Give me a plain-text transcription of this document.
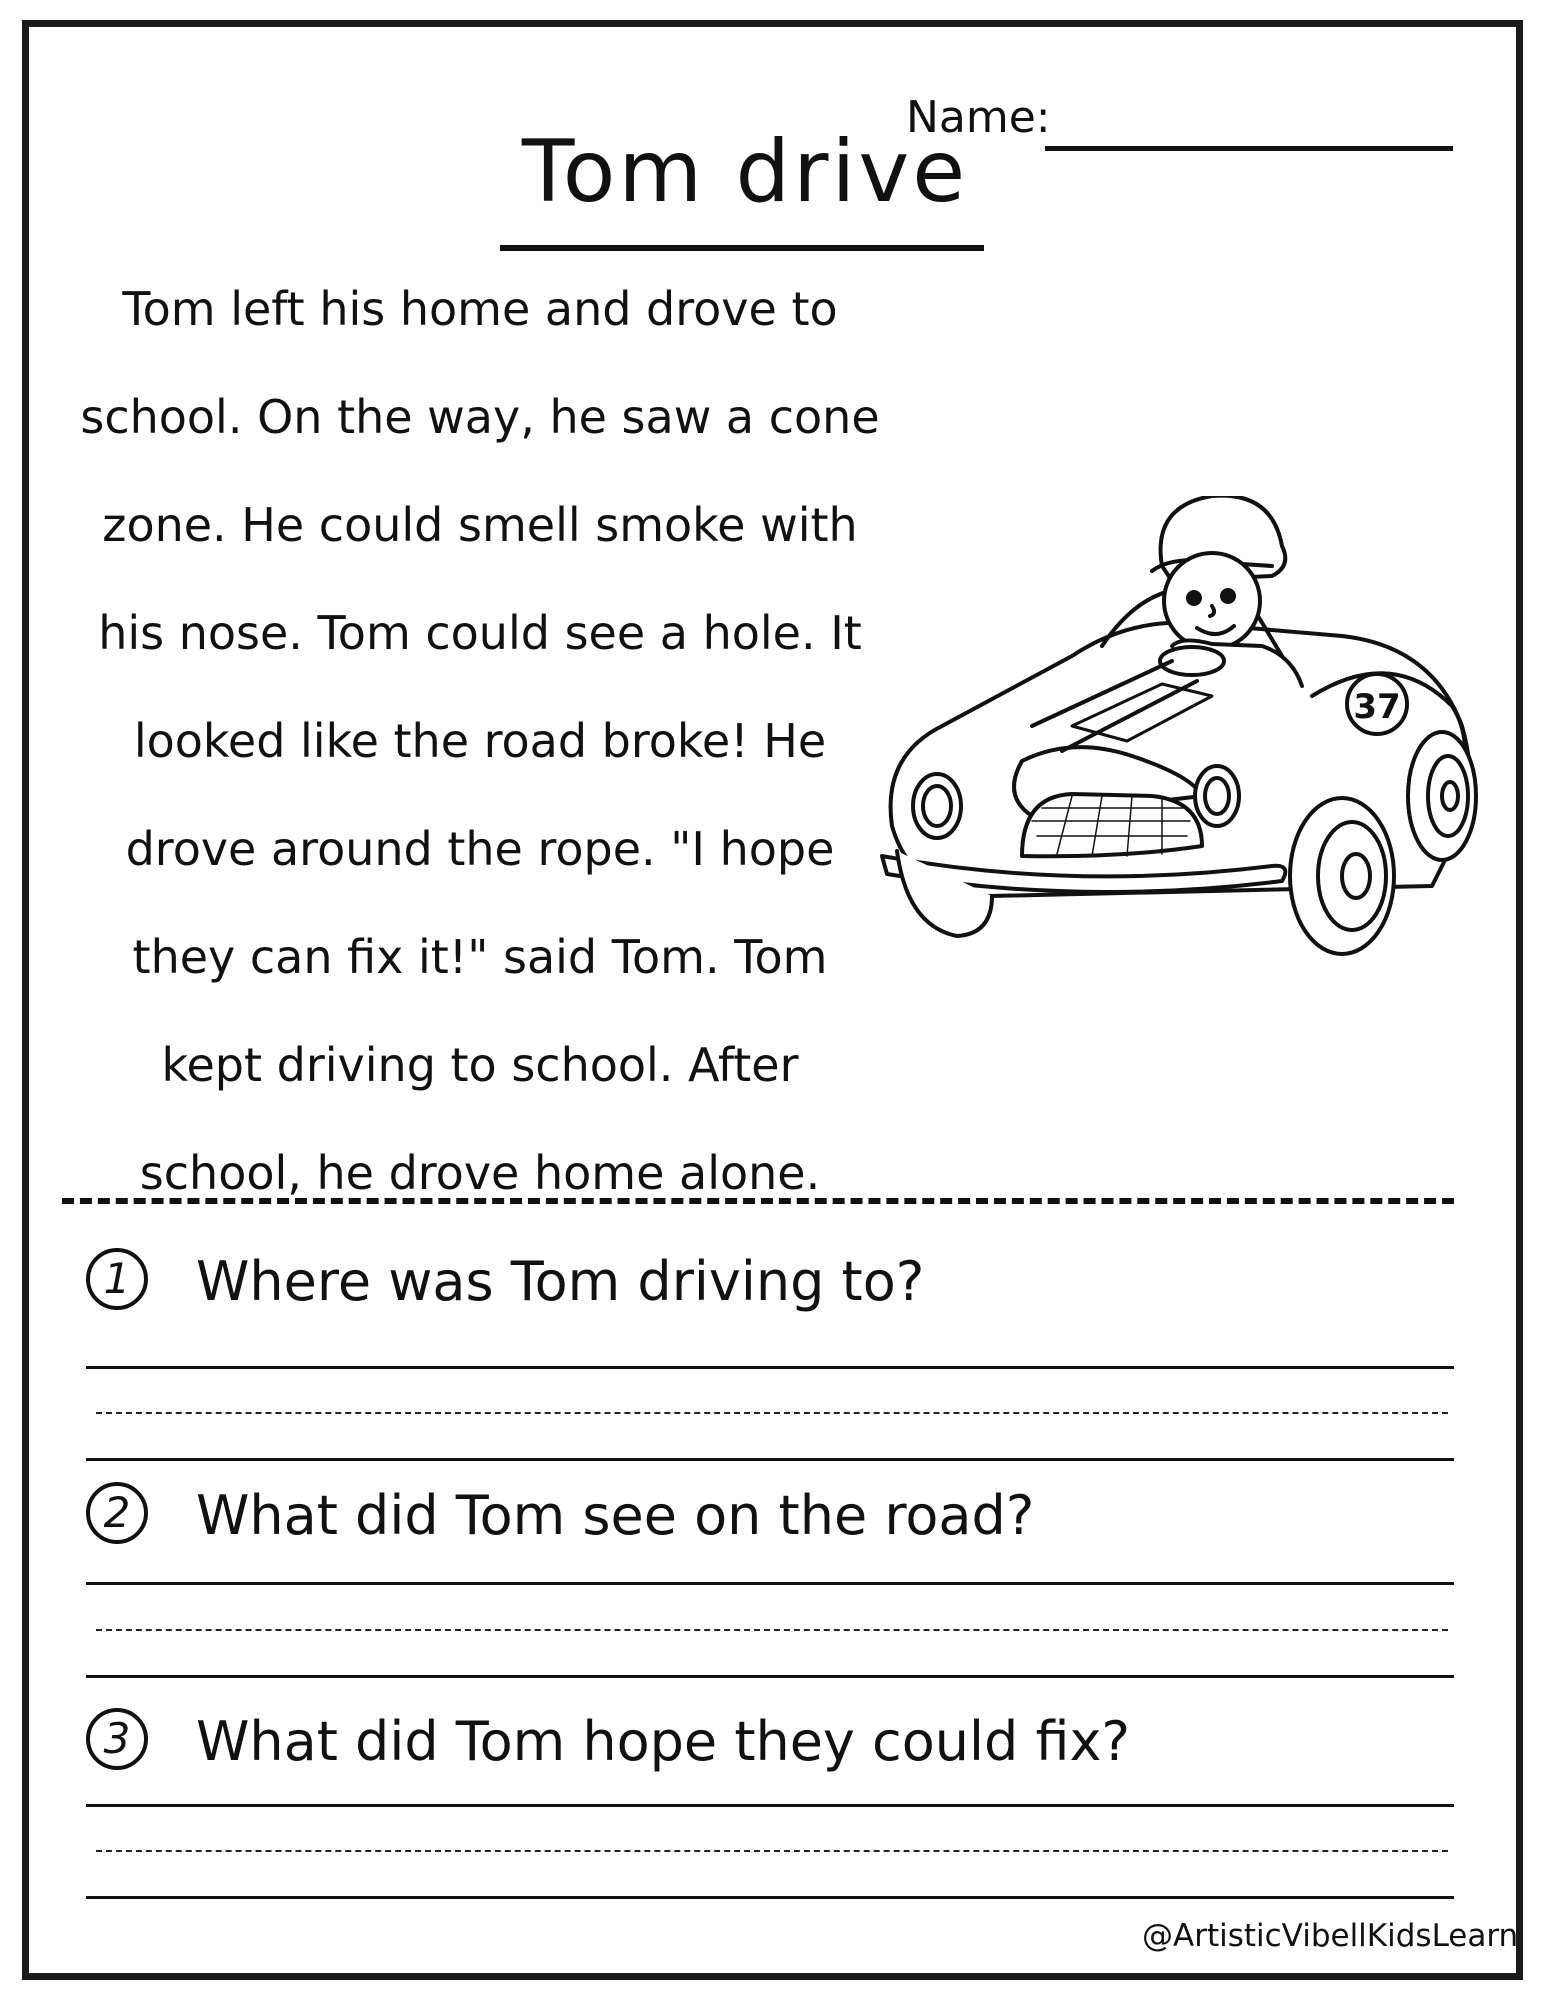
Name:
Tom drive
Tom left his home and drove to
school. On the way, he saw a cone
zone. He could smell smoke with
his nose. Tom could see a hole. It
looked like the road broke! He
drove around the rope. "I hope
they can fix it!" said Tom. Tom
kept driving to school. After
school, he drove home alone.
37
1	Where was Tom driving to?
2	What did Tom see on the road?
3	What did Tom hope they could fix?
@ArtisticVibellKidsLearn
